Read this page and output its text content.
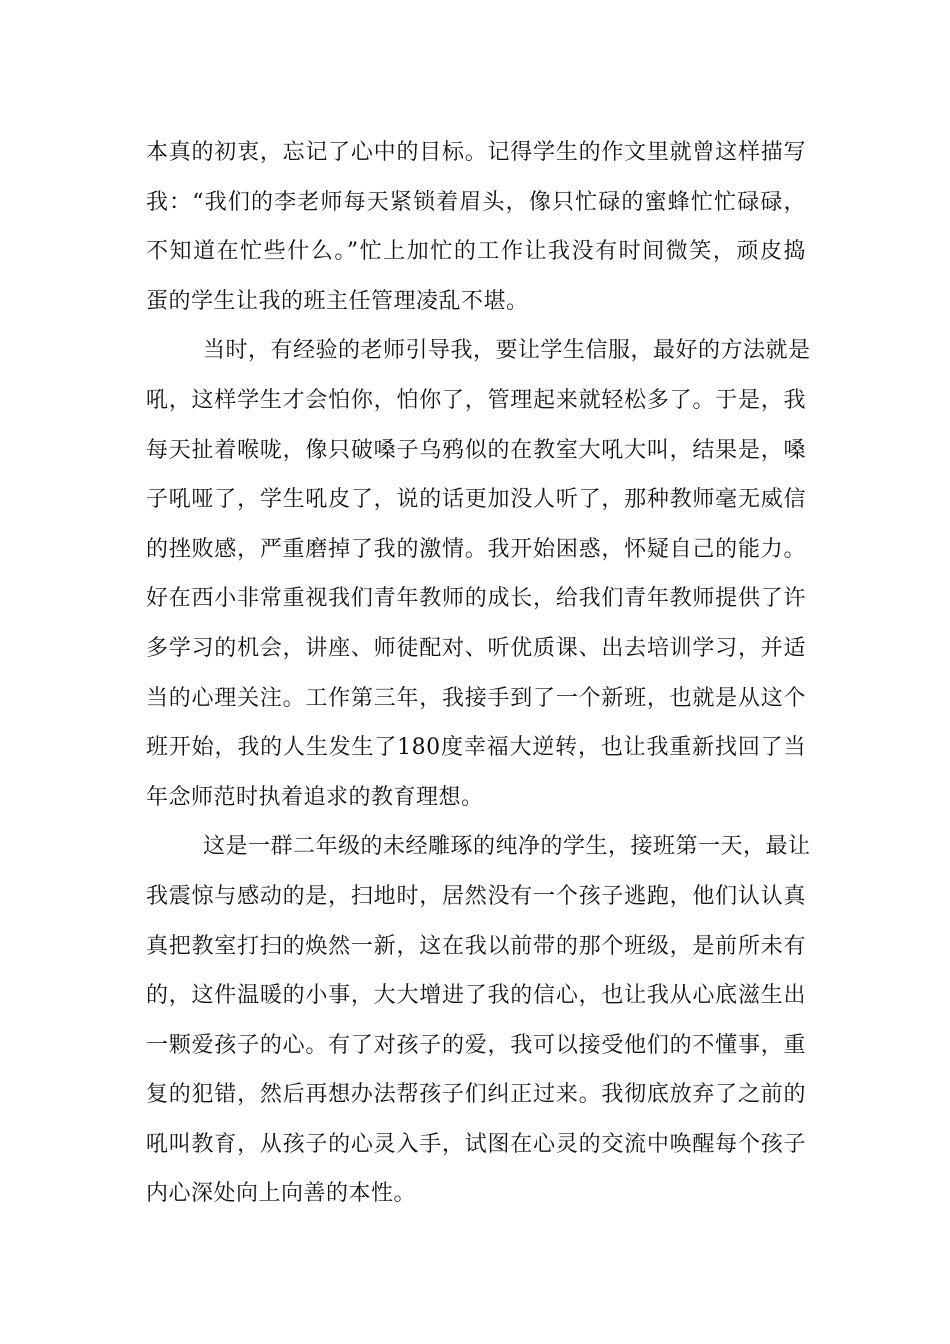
本真的初衷，忘记了心中的目标。记得学生的作文里就曾这样描写
我：“我们的李老师每天紧锁着眉头，像只忙碌的蜜蜂忙忙碌碌，
不知道在忙些什么。”忙上加忙的工作让我没有时间微笑，顽皮捣
蛋的学生让我的班主任管理凌乱不堪。
当时，有经验的老师引导我，要让学生信服，最好的方法就是
吼，这样学生才会怕你，怕你了，管理起来就轻松多了。于是，我
每天扯着喉咙，像只破嗓子乌鸦似的在教室大吼大叫，结果是，嗓
子吼哑了，学生吼皮了，说的话更加没人听了，那种教师毫无威信
的挫败感，严重磨掉了我的激情。我开始困惑，怀疑自己的能力。
好在西小非常重视我们青年教师的成长，给我们青年教师提供了许
多学习的机会，讲座、师徒配对、听优质课、出去培训学习，并适
当的心理关注。工作第三年，我接手到了一个新班，也就是从这个
班开始，我的人生发生了180度幸福大逆转，也让我重新找回了当
年念师范时执着追求的教育理想。
这是一群二年级的未经雕琢的纯净的学生，接班第一天，最让
我震惊与感动的是，扫地时，居然没有一个孩子逃跑，他们认认真
真把教室打扫的焕然一新，这在我以前带的那个班级，是前所未有
的，这件温暖的小事，大大增进了我的信心，也让我从心底滋生出
一颗爱孩子的心。有了对孩子的爱，我可以接受他们的不懂事，重
复的犯错，然后再想办法帮孩子们纠正过来。我彻底放弃了之前的
吼叫教育，从孩子的心灵入手，试图在心灵的交流中唤醒每个孩子
内心深处向上向善的本性。
